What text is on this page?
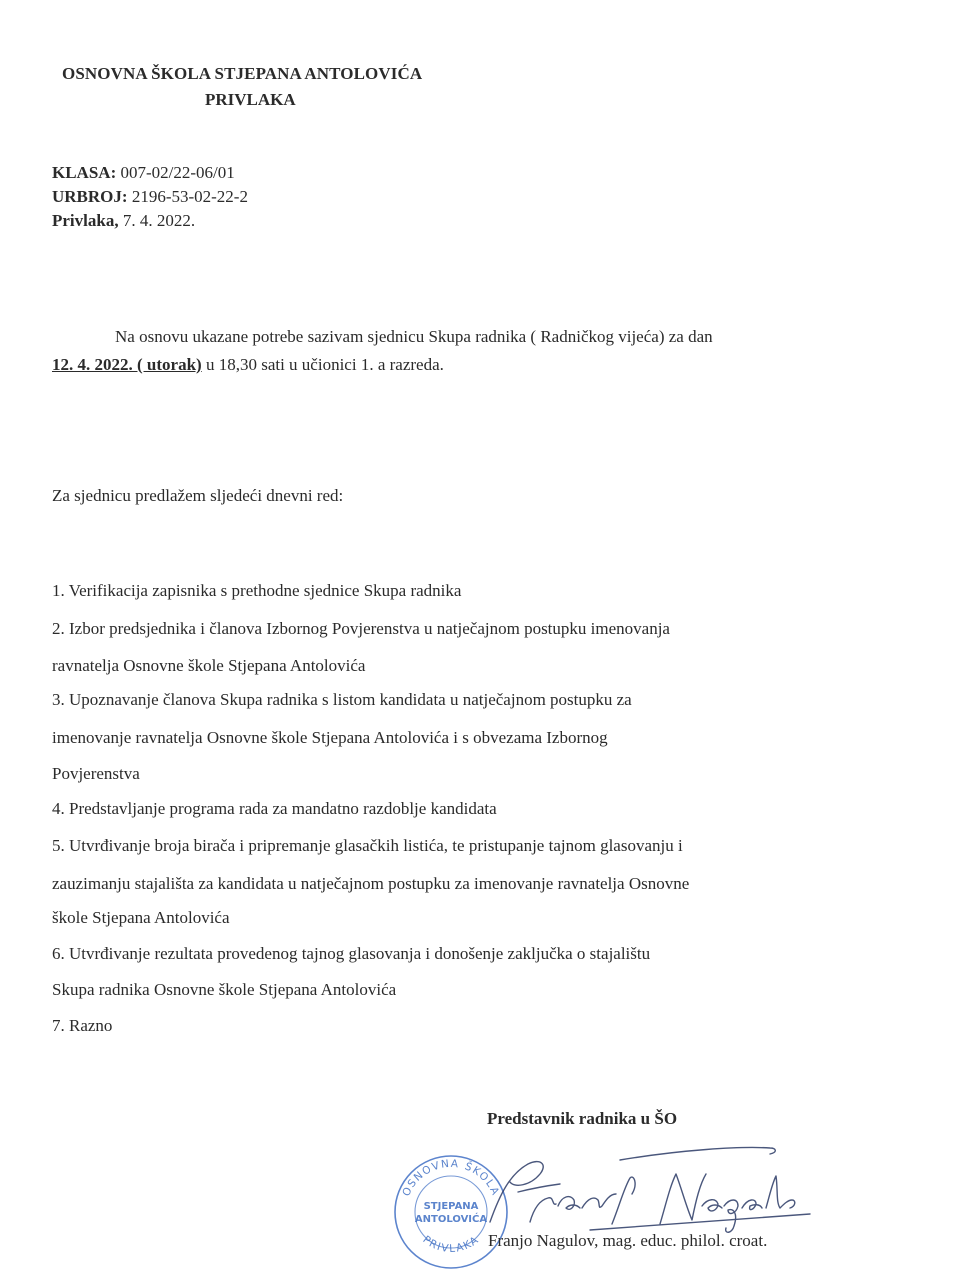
OSNOVNA ŠKOLA STJEPANA ANTOLOVIĆA
PRIVLAKA
KLASA: 007-02/22-06/01
URBROJ: 2196-53-02-22-2
Privlaka, 7. 4. 2022.
Na osnovu ukazane potrebe sazivam sjednicu Skupa radnika ( Radničkog vijeća) za dan
12. 4. 2022. ( utorak) u 18,30 sati u učionici 1. a razreda.
Za sjednicu predlažem sljedeći dnevni red:
1. Verifikacija zapisnika s prethodne sjednice Skupa radnika
2. Izbor predsjednika i članova Izbornog Povjerenstva u natječajnom postupku imenovanja
ravnatelja Osnovne škole Stjepana Antolovića
3. Upoznavanje članova Skupa radnika s listom kandidata u natječajnom postupku za
imenovanje ravnatelja Osnovne škole Stjepana Antolovića i s obvezama Izbornog
Povjerenstva
4. Predstavljanje programa rada za mandatno razdoblje kandidata
5. Utvrđivanje broja birača i pripremanje glasačkih listića, te pristupanje tajnom glasovanju i
zauzimanju stajališta za kandidata u natječajnom postupku za imenovanje ravnatelja Osnovne
škole Stjepana Antolovića
6. Utvrđivanje rezultata provedenog tajnog glasovanja i donošenje zaključka o stajalištu
Skupa radnika Osnovne škole Stjepana Antolovića
7. Razno
Predstavnik radnika u ŠO
OSNOVNA ŠKOLA
PRIVLAKA
STJEPANA
ANTOLOVIĆA
Franjo Nagulov, mag. educ. philol. croat.
